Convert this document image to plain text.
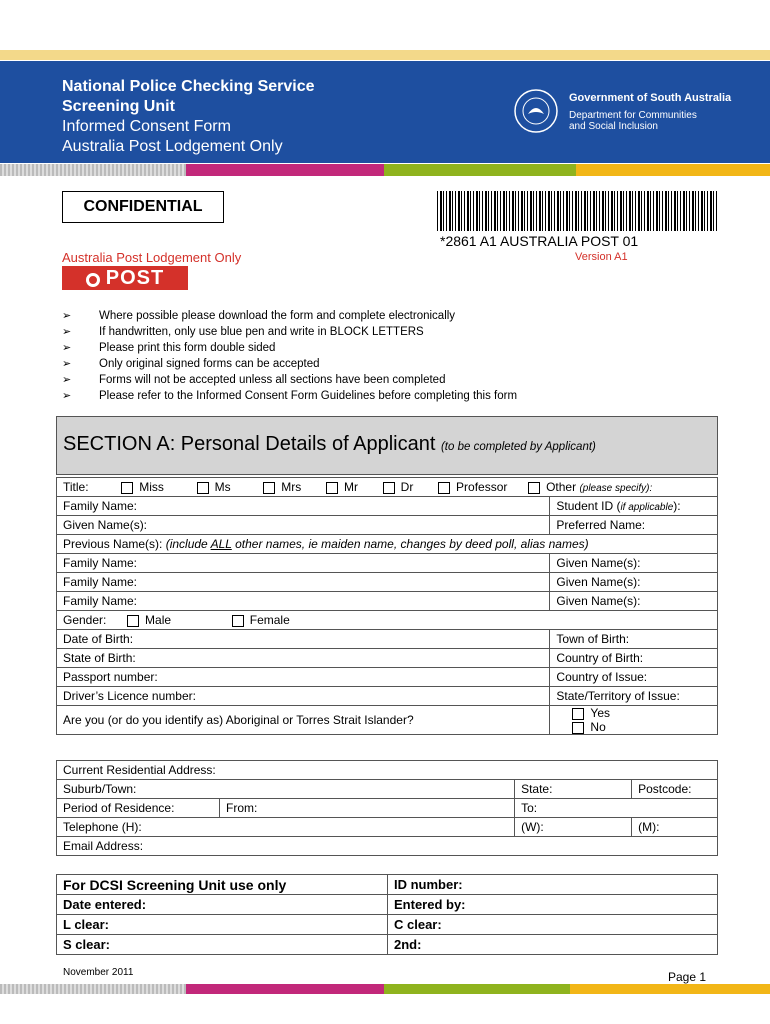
National Police Checking Service
Screening Unit
Informed Consent Form
Australia Post Lodgement Only
Government of South Australia
Department for Communities
and Social Inclusion
CONFIDENTIAL
*2861 A1 AUSTRALIA POST 01
Version A1
Australia Post Lodgement Only
POST
➢	Where possible please download the form and complete electronically
➢	If handwritten, only use blue pen and write in BLOCK LETTERS
➢	Please print this form double sided
➢	Only original signed forms can be accepted
➢	Forms will not be accepted unless all sections have been completed
➢	Please refer to the Informed Consent Form Guidelines before completing this form
SECTION A: Personal Details of Applicant (to be completed by Applicant)
Title: Miss Ms Mrs Mr Dr Professor Other (please specify):	
Family Name:	Student ID (if applicable):
Given Name(s):	Preferred Name:
Previous Name(s): (include ALL other names, ie maiden name, changes by deed poll, alias names)	
Family Name:	Given Name(s):
Family Name:	Given Name(s):
Family Name:	Given Name(s):
Gender: Male Female	
Date of Birth:	Town of Birth:
State of Birth:	Country of Birth:
Passport number:	Country of Issue:
Driver’s Licence number:	State/Territory of Issue:
Are you (or do you identify as) Aboriginal or Torres Strait Islander?	Yes
No
Current Residential Address:			
Suburb/Town:		State:	Postcode:
Period of Residence:	From:	To:	
Telephone (H):		(W):	(M):
Email Address:			
For DCSI Screening Unit use only	ID number:
Date entered:	Entered by:
L clear:	C clear:
S clear:	2nd:
November 2011	Page 1
